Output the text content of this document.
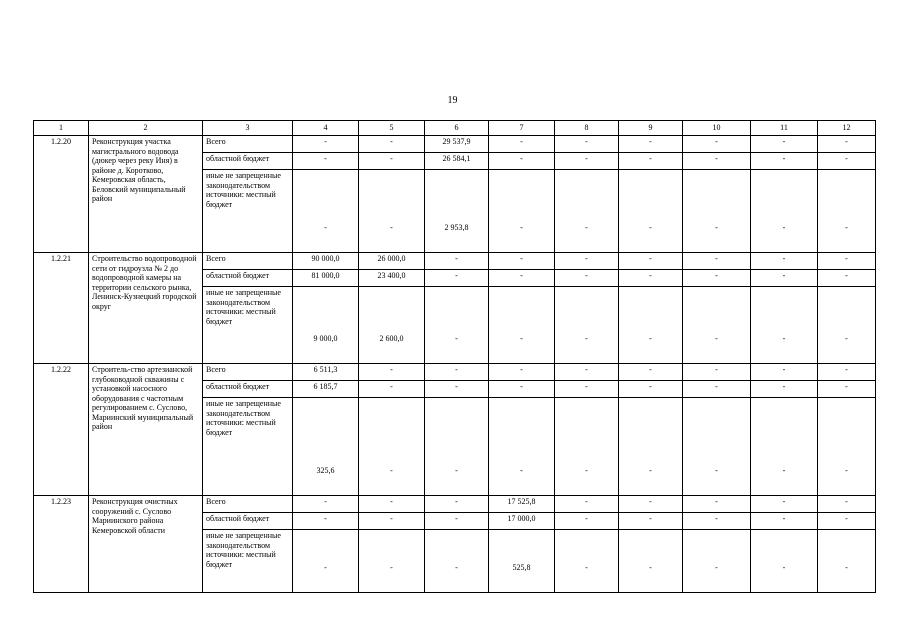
19
1	2	3	4	5	6	7	8	9	10	11	12
1.2.20	Реконструкция участка магистрального водовода (дюкер через реку Иня) в районе д. Коротково, Кемеровская область, Беловский муниципальный район	Всего	-	-	29 537,9	-	-	-	-	-	-
		областной бюджет	-	-	26 584,1	-	-	-	-	-	-
		иные не запрещенные законодательством источники: местный бюджет	-	-	2 953,8	-	-	-	-	-	-
1.2.21	Строительство водопроводной сети от гидроузла № 2 до водопроводной камеры на территории сельского рынка, Ленинск-Кузнецкий городской округ	Всего	90 000,0	26 000,0	-	-	-	-	-	-	-
		областной бюджет	81 000,0	23 400,0	-	-	-	-	-	-	-
		иные не запрещенные законодательством источники: местный бюджет	9 000,0	2 600,0	-	-	-	-	-	-	-
1.2.22	Строитель-ство артезианской глубоководной скважины с установкой насосного оборудования с частотным регулированием с. Суслово, Мариинский муниципальный район	Всего	6 511,3	-	-	-	-	-	-	-	-
		областной бюджет	6 185,7	-	-	-	-	-	-	-	-
		иные не запрещенные законодательством источники: местный бюджет	325,6	-	-	-	-	-	-	-	-
1.2.23	Реконструкция очистных сооружений с. Суслово Мариинского района Кемеровской области	Всего	-	-	-	17 525,8	-	-	-	-	-
		областной бюджет	-	-	-	17 000,0	-	-	-	-	-
		иные не запрещенные законодательством источники: местный бюджет	-	-	-	525,8	-	-	-	-	-
